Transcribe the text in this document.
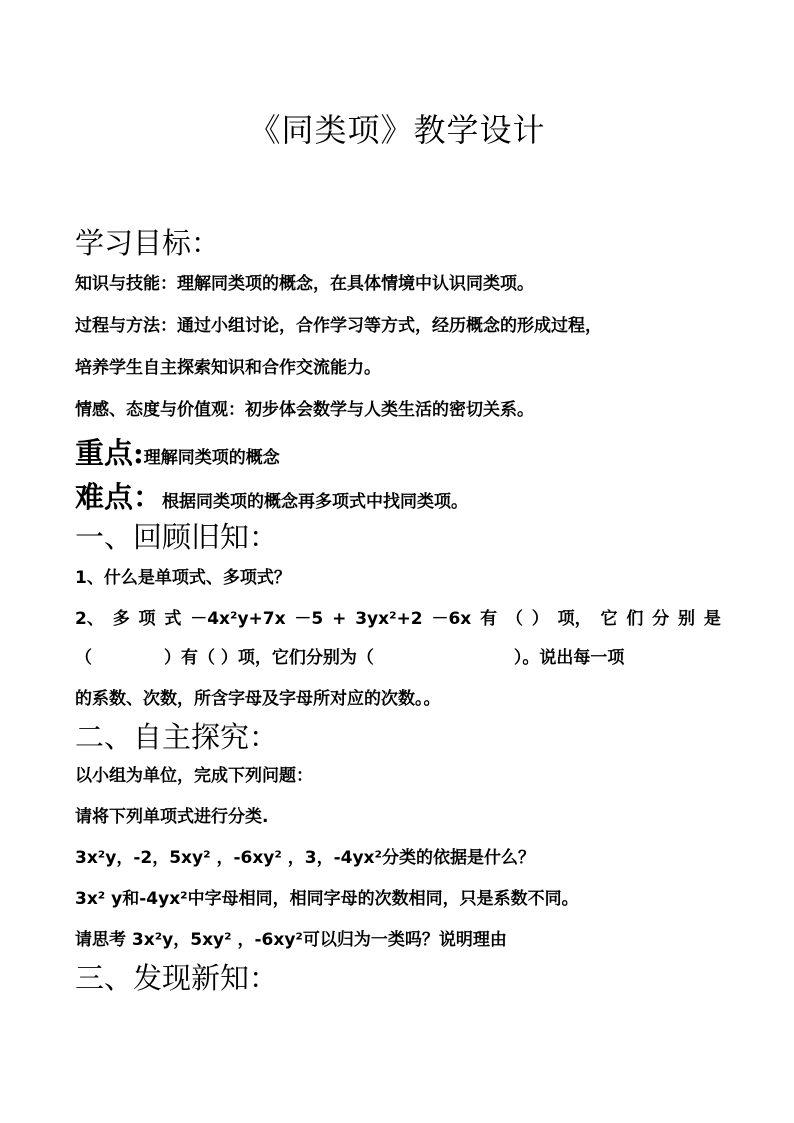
《同类项》教学设计
学习目标：
知识与技能：理解同类项的概念，在具体情境中认识同类项。
过程与方法：通过小组讨论，合作学习等方式，经历概念的形成过程，
培养学生自主探索知识和合作交流能力。
情感、态度与价值观：初步体会数学与人类生活的密切关系。
重点:理解同类项的概念
难点：根据同类项的概念再多项式中找同类项。
一、回顾旧知：
1、什么是单项式、多项式？
2、 多 项 式 －4x²y+7x －5 + 3yx²+2 －6x 有 （ ） 项， 它 们 分 别 是
（	）有（ ）项，它们分别为（	）。说出每一项
的系数、次数，所含字母及字母所对应的次数。。
二、自主探究：
以小组为单位，完成下列问题：
请将下列单项式进行分类.
3x²y，-2，5xy² ，-6xy² ，3，-4yx²分类的依据是什么？
3x² y和-4yx²中字母相同，相同字母的次数相同，只是系数不同。
请思考 3x²y，5xy² ，-6xy²可以归为一类吗？说明理由
三、发现新知：
